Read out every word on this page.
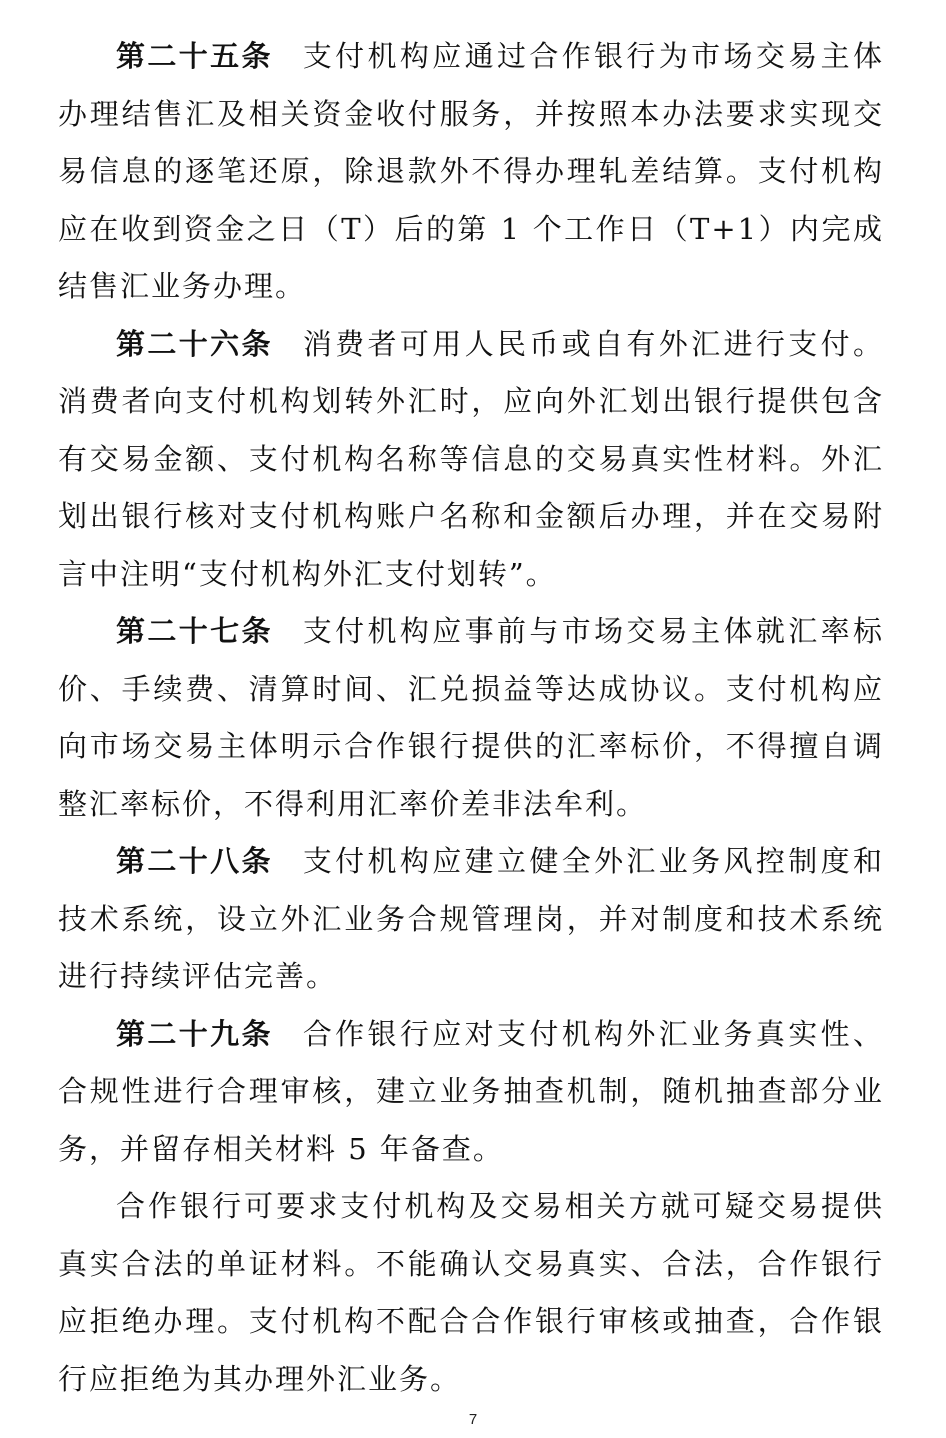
第二十五条 支付机构应通过合作银行为市场交易主体办理结售汇及相关资金收付服务，并按照本办法要求实现交易信息的逐笔还原，除退款外不得办理轧差结算。支付机构应在收到资金之日（T）后的第 1 个工作日（T+1）内完成结售汇业务办理。

第二十六条 消费者可用人民币或自有外汇进行支付。消费者向支付机构划转外汇时，应向外汇划出银行提供包含有交易金额、支付机构名称等信息的交易真实性材料。外汇划出银行核对支付机构账户名称和金额后办理，并在交易附言中注明“支付机构外汇支付划转”。

第二十七条 支付机构应事前与市场交易主体就汇率标价、手续费、清算时间、汇兑损益等达成协议。支付机构应向市场交易主体明示合作银行提供的汇率标价，不得擅自调整汇率标价，不得利用汇率价差非法牟利。

第二十八条 支付机构应建立健全外汇业务风控制度和技术系统，设立外汇业务合规管理岗，并对制度和技术系统进行持续评估完善。

第二十九条 合作银行应对支付机构外汇业务真实性、合规性进行合理审核，建立业务抽查机制，随机抽查部分业务，并留存相关材料 5 年备查。

合作银行可要求支付机构及交易相关方就可疑交易提供真实合法的单证材料。不能确认交易真实、合法，合作银行应拒绝办理。支付机构不配合合作银行审核或抽查，合作银行应拒绝为其办理外汇业务。

7
